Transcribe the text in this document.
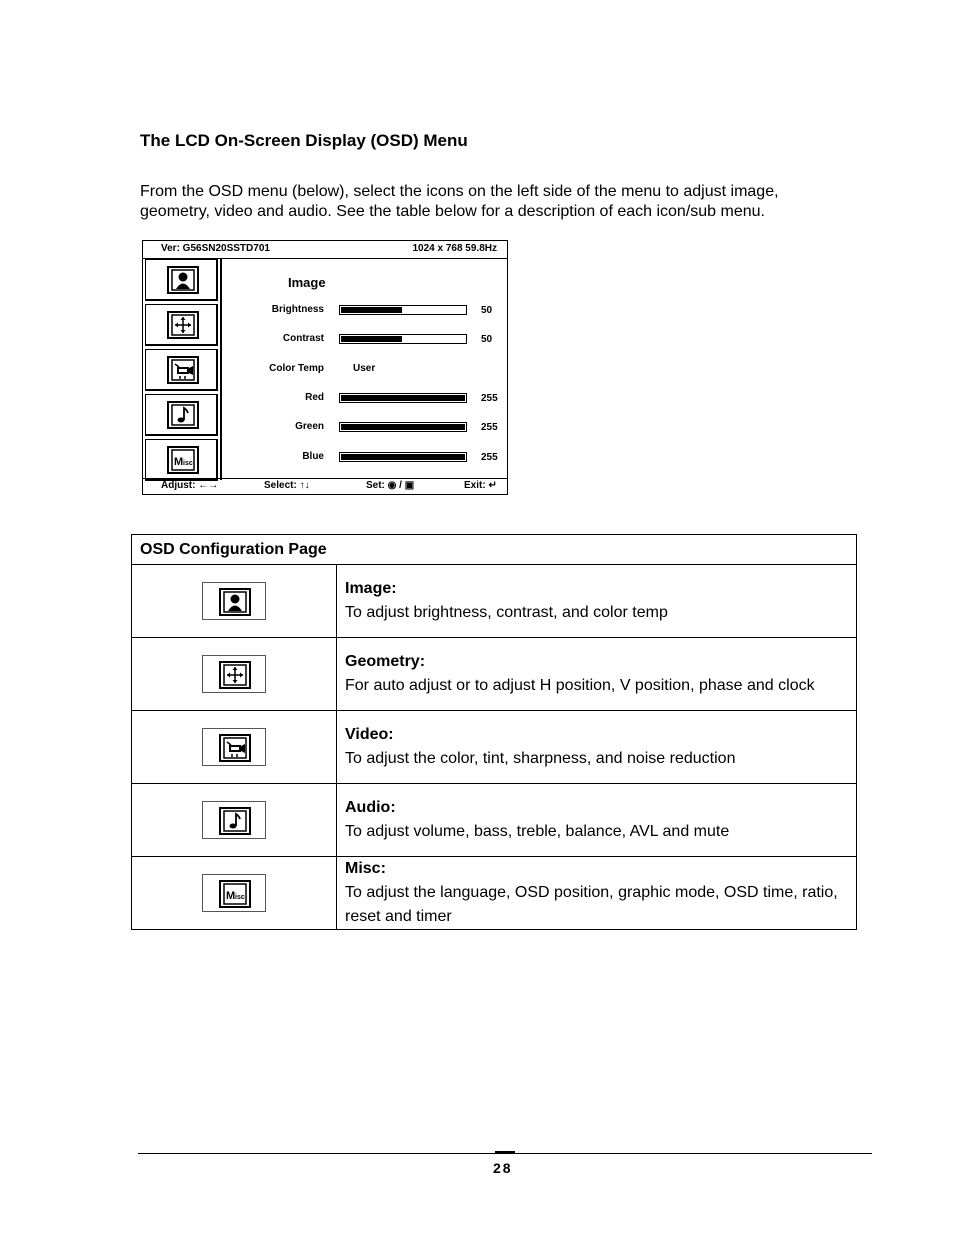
The LCD On-Screen Display (OSD) Menu
From the OSD menu (below), select the icons on the left side of the menu to adjust image, geometry, video and audio. See the table below for a description of each icon/sub menu.
Ver: G56SN20SSTD701	1024 x 768 59.8Hz
M isc
Image
Brightness	50
Contrast	50
Color Temp	User
Red	255
Green	255
Blue	255
Adjust: ←→	Select: ↑↓	Set: ◉ / ▣	Exit: ↵
OSD Configuration Page	

Image:
To adjust brightness, contrast, and color temp

Geometry:
For auto adjust or to adjust H position, V position, phase and clock

Video:
To adjust the color, tint, sharpness, and noise reduction

Audio:
To adjust volume, bass, treble, balance, AVL and mute

M isc	Misc:
To adjust the language, OSD position, graphic mode, OSD time, ratio, reset and timer
28
